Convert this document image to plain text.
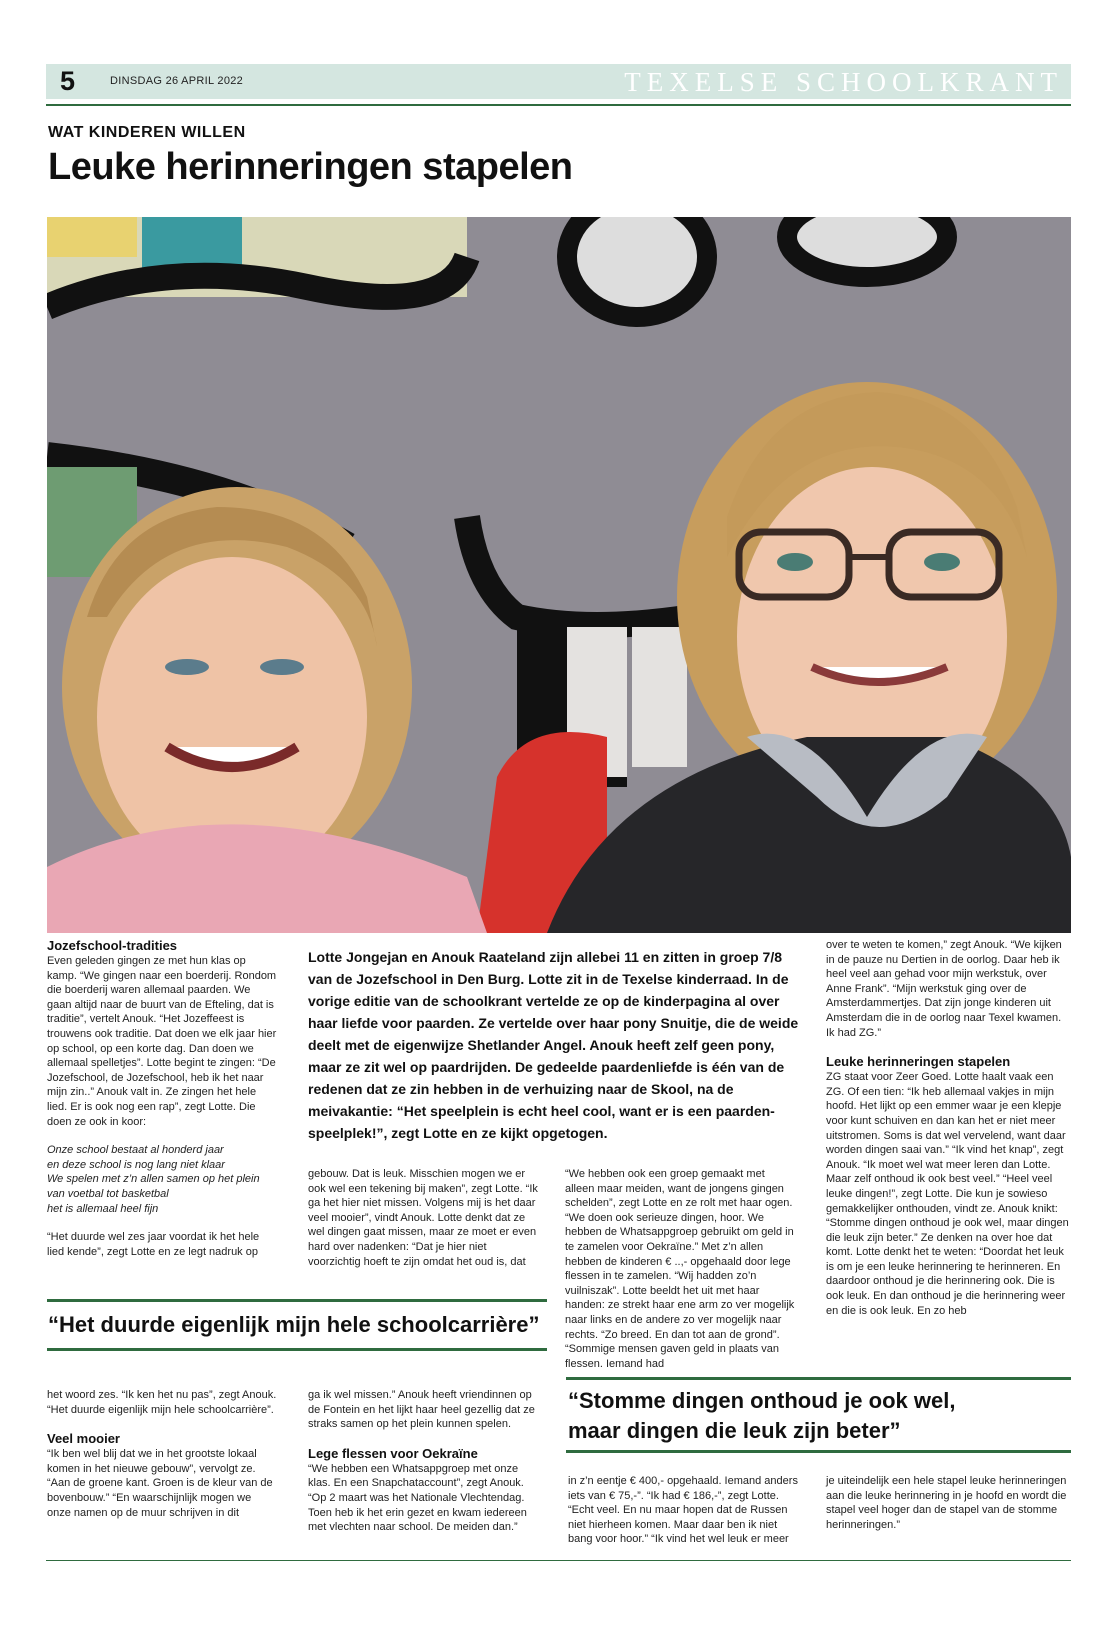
5	DINSDAG 26 APRIL 2022	TEXELSE SCHOOLKRANT
WAT KINDEREN WILLEN
Leuke herinneringen stapelen

Jozefschool-tradities

Even geleden gingen ze met hun klas op kamp. “We gingen naar een boerderij. Rondom die boerderij waren allemaal paarden. We gaan altijd naar de buurt van de Efteling, dat is traditie”, vertelt Anouk. “Het Jozeffeest is trouwens ook traditie. Dat doen we elk jaar hier op school, op een korte dag. Dan doen we allemaal spelletjes”. Lotte begint te zingen: “De Jozefschool, de Jozefschool, heb ik het naar mijn zin..” Anouk valt in. Ze zingen het hele lied. Er is ook nog een rap”, zegt Lotte. Die doen ze ook in koor:

Onze school bestaat al honderd jaar

en deze school is nog lang niet klaar

We spelen met z’n allen samen op het plein

van voetbal tot basketbal

het is allemaal heel fijn

“Het duurde wel zes jaar voordat ik het hele lied kende”, zegt Lotte en ze legt nadruk op

Lotte Jongejan en Anouk Raateland zijn allebei 11 en zitten in groep 7/8 van de Jozefschool in Den Burg. Lotte zit in de Texelse kinderraad. In de vorige editie van de schoolkrant vertelde ze op de kinderpagina al over haar liefde voor paarden. Ze vertelde over haar pony Snuitje, die de weide deelt met de eigenwijze Shetlander Angel. Anouk heeft zelf geen pony, maar ze zit wel op paardrijden. De gedeelde paardenliefde is één van de redenen dat ze zin hebben in de verhuizing naar de Skool, na de meivakantie: “Het speelplein is echt heel cool, want er is een paarden-speelplek!”, zegt Lotte en ze kijkt opgetogen.
gebouw. Dat is leuk. Misschien mogen we er ook wel een tekening bij maken”, zegt Lotte. “Ik ga het hier niet missen. Volgens mij is het daar veel mooier”, vindt Anouk. Lotte denkt dat ze wel dingen gaat missen, maar ze moet er even hard over nadenken: “Dat je hier niet voorzichtig hoeft te zijn omdat het oud is, dat
“We hebben ook een groep gemaakt met alleen maar meiden, want de jongens gingen schelden”, zegt Lotte en ze rolt met haar ogen. “We doen ook serieuze dingen, hoor. We hebben de Whatsappgroep gebruikt om geld in te zamelen voor Oekraïne.” Met z’n allen hebben de kinderen € ..,- opgehaald door lege flessen in te zamelen. “Wij hadden zo’n vuilniszak”. Lotte beeldt het uit met haar handen: ze strekt haar ene arm zo ver mogelijk naar links en de andere zo ver mogelijk naar rechts. “Zo breed. En dan tot aan de grond”. “Sommige mensen gaven geld in plaats van flessen. Iemand had

over te weten te komen,” zegt Anouk. “We kijken in de pauze nu Dertien in de oorlog. Daar heb ik heel veel aan gehad voor mijn werkstuk, over Anne Frank”. “Mijn werkstuk ging over de Amsterdammertjes. Dat zijn jonge kinderen uit Amsterdam die in de oorlog naar Texel kwamen. Ik had ZG.”

Leuke herinneringen stapelen

ZG staat voor Zeer Goed. Lotte haalt vaak een ZG. Of een tien: “Ik heb allemaal vakjes in mijn hoofd. Het lijkt op een emmer waar je een klepje voor kunt schuiven en dan kan het er niet meer uitstromen. Soms is dat wel vervelend, want daar worden dingen saai van.” “Ik vind het knap”, zegt Anouk. “Ik moet wel wat meer leren dan Lotte. Maar zelf onthoud ik ook best veel.” “Heel veel leuke dingen!”, zegt Lotte. Die kun je sowieso gemakkelijker onthouden, vindt ze. Anouk knikt: “Stomme dingen onthoud je ook wel, maar dingen die leuk zijn beter.” Ze denken na over hoe dat komt. Lotte denkt het te weten: “Doordat het leuk is om je een leuke herinnering te herinneren. En daardoor onthoud je die herinnering ook. Die is ook leuk. En dan onthoud je die herinnering weer en die is ook leuk. En zo heb

“Het duurde eigenlijk mijn hele schoolcarrière”
“Stomme dingen onthoud je ook wel,
maar dingen die leuk zijn beter”

het woord zes. “Ik ken het nu pas”, zegt Anouk. “Het duurde eigenlijk mijn hele schoolcarrière”.

Veel mooier

“Ik ben wel blij dat we in het grootste lokaal komen in het nieuwe gebouw”, vervolgt ze. “Aan de groene kant. Groen is de kleur van de bovenbouw.” “En waarschijnlijk mogen we onze namen op de muur schrijven in dit

ga ik wel missen.” Anouk heeft vriendinnen op de Fontein en het lijkt haar heel gezellig dat ze straks samen op het plein kunnen spelen.

Lege flessen voor Oekraïne

“We hebben een Whatsappgroep met onze klas. En een Snapchataccount”, zegt Anouk. “Op 2 maart was het Nationale Vlechtendag. Toen heb ik het erin gezet en kwam iedereen met vlechten naar school. De meiden dan.”

in z’n eentje € 400,- opgehaald. Iemand anders iets van € 75,-”. “Ik had € 186,-”, zegt Lotte. “Echt veel. En nu maar hopen dat de Russen niet hierheen komen. Maar daar ben ik niet bang voor hoor.” “Ik vind het wel leuk er meer
je uiteindelijk een hele stapel leuke herinneringen aan die leuke herinnering in je hoofd en wordt die stapel veel hoger dan de stapel van de stomme herinneringen.”
